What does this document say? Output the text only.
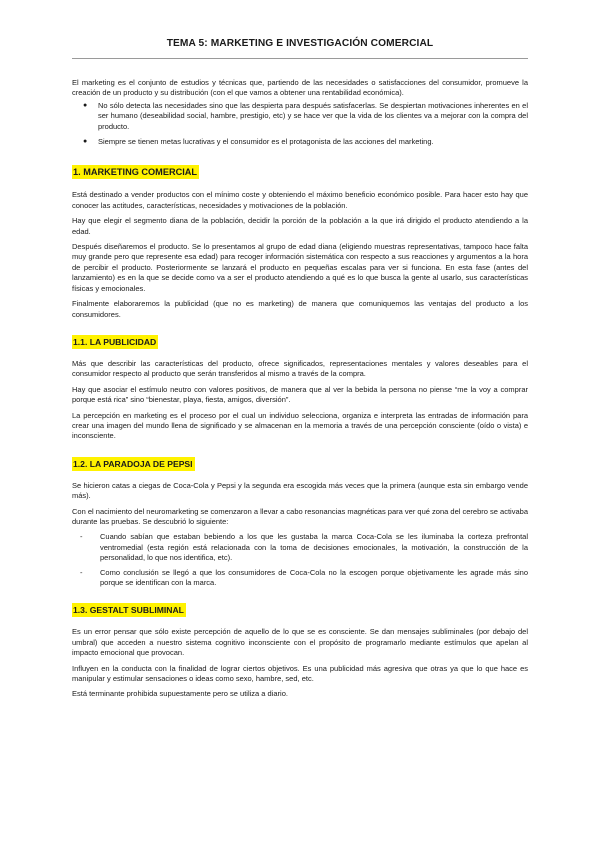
TEMA 5: MARKETING E INVESTIGACIÓN COMERCIAL

El marketing es el conjunto de estudios y técnicas que, partiendo de las necesidades o satisfacciones del consumidor, promueve la creación de un producto y su distribución (con el que vamos a obtener una rentabilidad económica).

● No sólo detecta las necesidades sino que las despierta para después satisfacerlas. Se despiertan motivaciones inherentes en el ser humano (deseabilidad social, hambre, prestigio, etc) y se hace ver que la vida de los clientes va a mejorar con la compra del producto.
● Siempre se tienen metas lucrativas y el consumidor es el protagonista de las acciones del marketing.
1. MARKETING COMERCIAL

Está destinado a vender productos con el mínimo coste y obteniendo el máximo beneficio económico posible. Para hacer esto hay que conocer las actitudes, características, necesidades y motivaciones de la población.

Hay que elegir el segmento diana de la población, decidir la porción de la población a la que irá dirigido el producto atendiendo a la edad.

Después diseñaremos el producto. Se lo presentamos al grupo de edad diana (eligiendo muestras representativas, tampoco hace falta muy grande pero que represente esa edad) para recoger información sistemática con respecto a sus reacciones y argumentos a la hora de percibir el producto. Posteriormente se lanzará el producto en pequeñas escalas para ver si funciona. En esta fase (antes del lanzamiento) es en la que se decide como va a ser el producto atendiendo a qué es lo que busca la gente al usarlo, sus características físicas y emocionales.

Finalmente elaboraremos la publicidad (que no es marketing) de manera que comuniquemos las ventajas del producto a los consumidores.

1.1. LA PUBLICIDAD

Más que describir las características del producto, ofrece significados, representaciones mentales y valores deseables para el consumidor respecto al producto que serán transferidos al mismo a través de la compra.

Hay que asociar el estímulo neutro con valores positivos, de manera que al ver la bebida la persona no piense “me la voy a comprar porque está rica” sino “bienestar, playa, fiesta, amigos, diversión”.

La percepción en marketing es el proceso por el cual un individuo selecciona, organiza e interpreta las entradas de información para crear una imagen del mundo llena de significado y se almacenan en la memoria a través de una percepción consciente (oído o vista) e inconsciente.

1.2. LA PARADOJA DE PEPSI

Se hicieron catas a ciegas de Coca-Cola y Pepsi y la segunda era escogida más veces que la primera (aunque esta sin embargo vende más).

Con el nacimiento del neuromarketing se comenzaron a llevar a cabo resonancias magnéticas para ver qué zona del cerebro se activaba durante las pruebas. Se descubrió lo siguiente:

- Cuando sabían que estaban bebiendo a los que les gustaba la marca Coca-Cola se les iluminaba la corteza prefrontal ventromedial (esta región está relacionada con la toma de decisiones emocionales, la motivación, la construcción de la personalidad, lo que nos identifica, etc).
- Como conclusión se llegó a que los consumidores de Coca-Cola no la escogen porque objetivamente les agrade más sino porque se identifican con la marca.
1.3. GESTALT SUBLIMINAL

Es un error pensar que sólo existe percepción de aquello de lo que se es consciente. Se dan mensajes subliminales (por debajo del umbral) que acceden a nuestro sistema cognitivo inconsciente con el propósito de programarlo mediante estímulos que apelan al impacto emocional que provocan.

Influyen en la conducta con la finalidad de lograr ciertos objetivos. Es una publicidad más agresiva que otras ya que lo que hace es manipular y estimular sensaciones o ideas como sexo, hambre, sed, etc.

Está terminante prohibida supuestamente pero se utiliza a diario.
